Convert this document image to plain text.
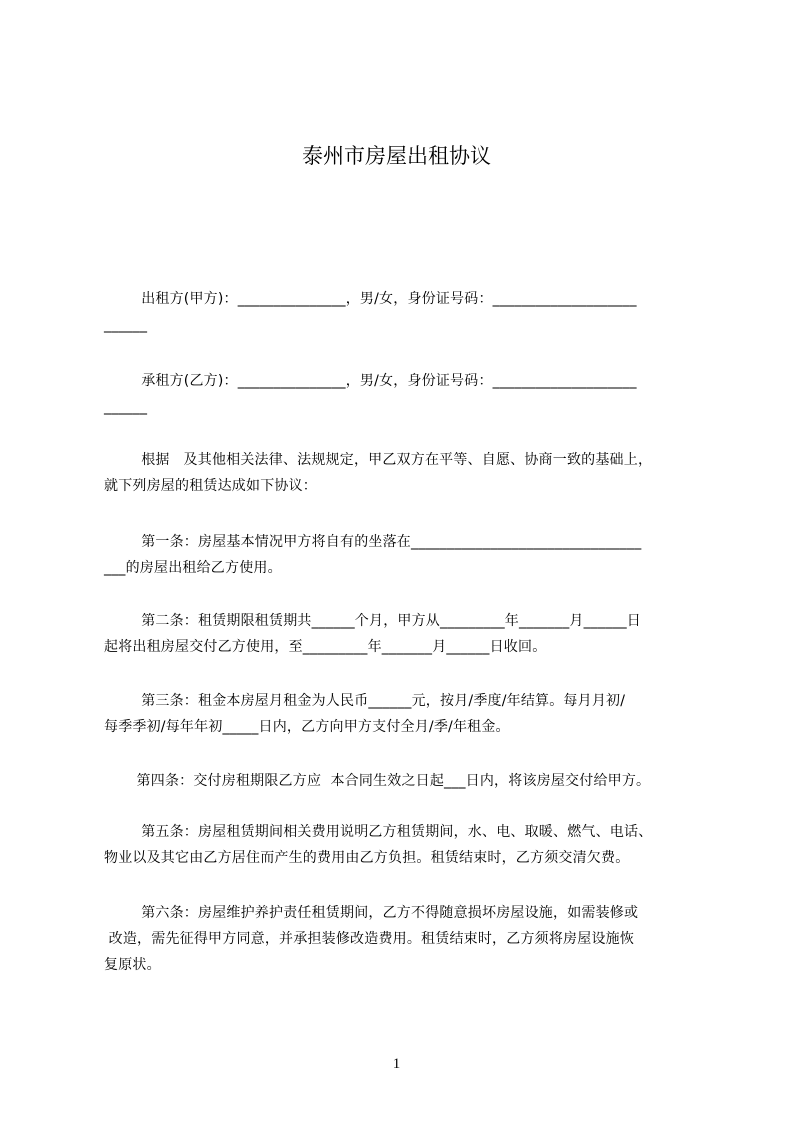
泰州市房屋出租协议
出租方(甲方)：_______________，男/女，身份证号码：____________________
______
承租方(乙方)：_______________，男/女，身份证号码：____________________
______
根据   及其他相关法律、法规规定，甲乙双方在平等、自愿、协商一致的基础上，
就下列房屋的租赁达成如下协议：
第一条：房屋基本情况甲方将自有的坐落在________________________________
___的房屋出租给乙方使用。
第二条：租赁期限租赁期共______个月，甲方从_________年_______月______日
起将出租房屋交付乙方使用，至_________年_______月______日收回。
第三条：租金本房屋月租金为人民币______元，按月/季度/年结算。每月月初/
每季季初/每年年初_____日内，乙方向甲方支付全月/季/年租金。
第四条：交付房租期限乙方应  本合同生效之日起___日内，将该房屋交付给甲方。
第五条：房屋租赁期间相关费用说明乙方租赁期间，水、电、取暖、燃气、电话、
物业以及其它由乙方居住而产生的费用由乙方负担。租赁结束时，乙方须交清欠费。
第六条：房屋维护养护责任租赁期间，乙方不得随意损坏房屋设施，如需装修或
改造，需先征得甲方同意，并承担装修改造费用。租赁结束时，乙方须将房屋设施恢
复原状。
1
